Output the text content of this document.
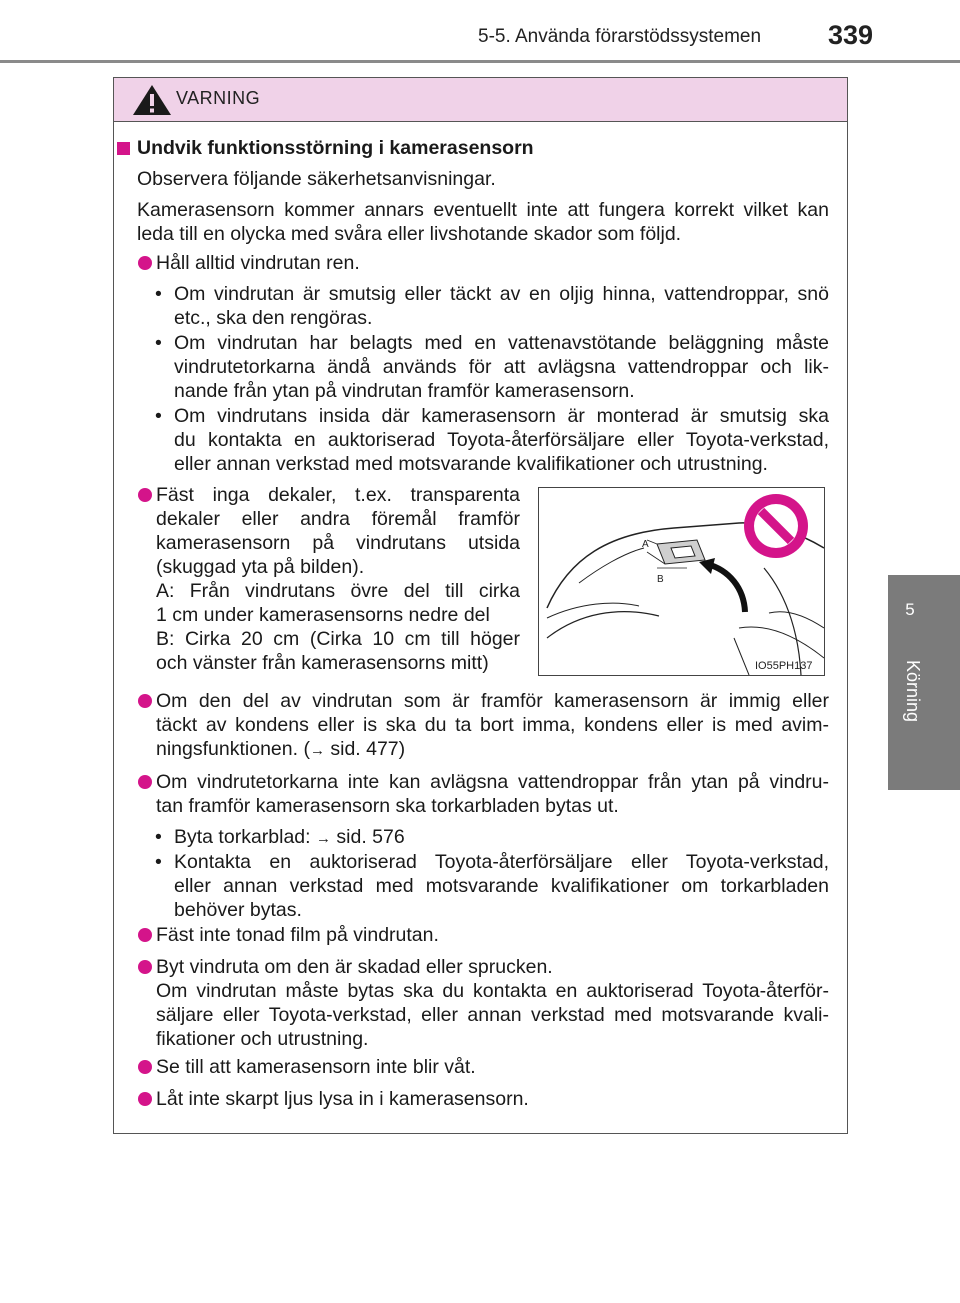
5-5. Använda förarstödssystemen 339
5
Körning
VARNING
Undvik funktionsstörning i kamerasensorn
Observera följande säkerhetsanvisningar.
Kamerasensorn kommer annars eventuellt inte att fungera korrekt vilket kan
leda till en olycka med svåra eller livshotande skador som följd.
Håll alltid vindrutan ren.
• Om vindrutan är smutsig eller täckt av en oljig hinna, vattendroppar, snö
etc., ska den rengöras.
• Om vindrutan har belagts med en vattenavstötande beläggning måste
vindrutetorkarna ändå används för att avlägsna vattendroppar och lik-
nande från ytan på vindrutan framför kamerasensorn.
• Om vindrutans insida där kamerasensorn är monterad är smutsig ska
du kontakta en auktoriserad Toyota-återförsäljare eller Toyota-verkstad,
eller annan verkstad med motsvarande kvalifikationer och utrustning.
Fäst inga dekaler, t.ex. transparenta
dekaler eller andra föremål framför
kamerasensorn på vindrutans utsida
(skuggad yta på bilden).
A: Från vindrutans övre del till cirka
1 cm under kamerasensorns nedre del
B: Cirka 20 cm (Cirka 10 cm till höger
och vänster från kamerasensorns mitt)
A
B
IO55PH137
Om den del av vindrutan som är framför kamerasensorn är immig eller
täckt av kondens eller is ska du ta bort imma, kondens eller is med avim-
ningsfunktionen. (→ sid. 477)
Om vindrutetorkarna inte kan avlägsna vattendroppar från ytan på vindru-
tan framför kamerasensorn ska torkarbladen bytas ut.
• Byta torkarblad: → sid. 576
• Kontakta en auktoriserad Toyota-återförsäljare eller Toyota-verkstad,
eller annan verkstad med motsvarande kvalifikationer om torkarbladen
behöver bytas.
Fäst inte tonad film på vindrutan.
Byt vindruta om den är skadad eller sprucken.
Om vindrutan måste bytas ska du kontakta en auktoriserad Toyota-återför-
säljare eller Toyota-verkstad, eller annan verkstad med motsvarande kvali-
fikationer och utrustning.
Se till att kamerasensorn inte blir våt.
Låt inte skarpt ljus lysa in i kamerasensorn.
